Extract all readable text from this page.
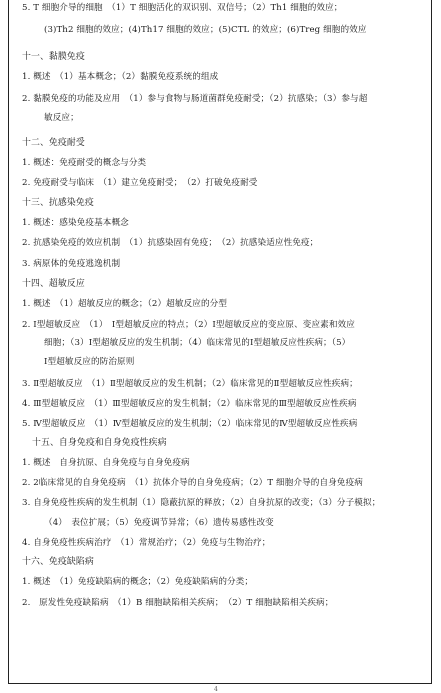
5. T 细胞介导的细胞　（1）T 细胞活化的双识别、双信号；（2）Th1 细胞的效应；
(3)Th2 细胞的效应；(4)Th17 细胞的效应；(5)CTL 的效应；(6)Treg 细胞的效应
十一、黏膜免疫
1. 概述　（1）基本概念；（2）黏膜免疫系统的组成
2. 黏膜免疫的功能及应用　（1）参与食物与肠道菌群免疫耐受；（2）抗感染；（3）参与超
敏反应；
十二、免疫耐受
1. 概述：免疫耐受的概念与分类
2. 免疫耐受与临床　（1）建立免疫耐受；　（2）打破免疫耐受
十三、抗感染免疫
1. 概述：感染免疫基本概念
2. 抗感染免疫的效应机制　（1）抗感染固有免疫；　（2）抗感染适应性免疫；
3. 病原体的免疫逃逸机制
十四、超敏反应
1. 概述　（1）超敏反应的概念；（2）超敏反应的分型
2. Ⅰ型超敏反应　（1）　Ⅰ型超敏反应的特点；（2）Ⅰ型超敏反应的变应原、变应素和效应
细胞；（3）Ⅰ型超敏反应的发生机制；（4）临床常见的Ⅰ型超敏反应性疾病；（5）
Ⅰ型超敏反应的防治原则
3. Ⅱ型超敏反应　（1）Ⅱ型超敏反应的发生机制；（2）临床常见的Ⅱ型超敏反应性疾病；
4. Ⅲ型超敏反应　（1）Ⅲ型超敏反应的发生机制；（2）临床常见的Ⅲ型超敏反应性疾病
5. Ⅳ型超敏反应　（1）Ⅳ型超敏反应的发生机制；（2）临床常见的Ⅳ型超敏反应性疾病
十五、自身免疫和自身免疫性疾病
1. 概述　自身抗原、自身免疫与自身免疫病
2. 2临床常见的自身免疫病　（1）抗体介导的自身免疫病；（2）T 细胞介导的自身免疫病
3. 自身免疫性疾病的发生机制（1）隐蔽抗原的释放；（2）自身抗原的改变；（3）分子模拟；
（4）　表位扩展；（5）免疫调节异常；（6）遗传易感性改变
4. 自身免疫性疾病治疗　（1）常规治疗；（2）免疫与生物治疗；
十六、免疫缺陷病
1. 概述　（1）免疫缺陷病的概念；（2）免疫缺陷病的分类；
2.　原发性免疫缺陷病　（1）B 细胞缺陷相关疾病；　（2）T 细胞缺陷相关疾病；
4
